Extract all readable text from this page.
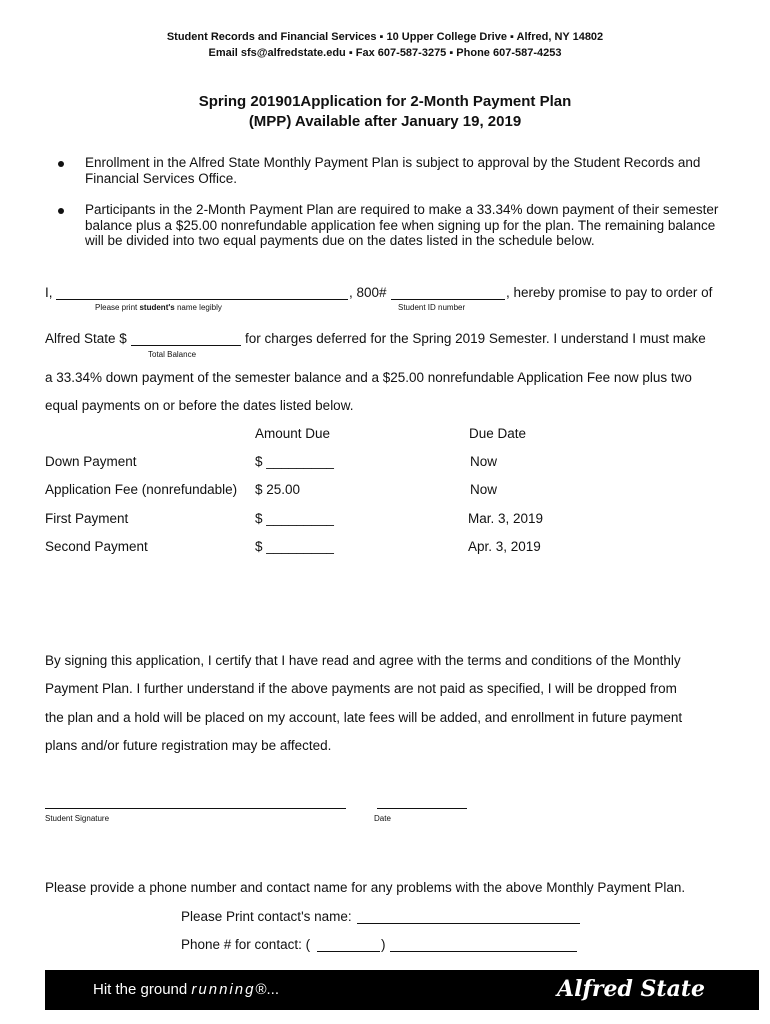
Student Records and Financial Services ▪ 10 Upper College Drive ▪ Alfred, NY 14802
Email sfs@alfredstate.edu ▪ Fax 607-587-3275 ▪ Phone 607-587-4253
Spring 201901Application for 2-Month Payment Plan
(MPP) Available after January 19, 2019
Enrollment in the Alfred State Monthly Payment Plan is subject to approval by the Student Records and Financial Services Office.
Participants in the 2-Month Payment Plan are required to make a 33.34% down payment of their semester balance plus a $25.00 nonrefundable application fee when signing up for the plan. The remaining balance will be divided into two equal payments due on the dates listed in the schedule below.
I,	, 800#	, hereby promise to pay to order of
Please print student's name legibly	Student ID number
Alfred State $	for charges deferred for the Spring 2019 Semester. I understand I must make
Total Balance
a 33.34% down payment of the semester balance and a $25.00 nonrefundable Application Fee now plus two
equal payments on or before the dates listed below.
Amount Due	Due Date
Down Payment	$ _________	Now
Application Fee (nonrefundable) $ 25.00	Now
First Payment	$ _________	Mar. 3, 2019
Second Payment	$ _________	Apr. 3, 2019
By signing this application, I certify that I have read and agree with the terms and conditions of the Monthly
Payment Plan. I further understand if the above payments are not paid as specified, I will be dropped from
the plan and a hold will be placed on my account, late fees will be added, and enrollment in future payment
plans and/or future registration may be affected.
Student Signature	Date
Please provide a phone number and contact name for any problems with the above Monthly Payment Plan.
Please Print contact's name:
Phone # for contact: (	)
Hit the ground running®...	Alfred State
